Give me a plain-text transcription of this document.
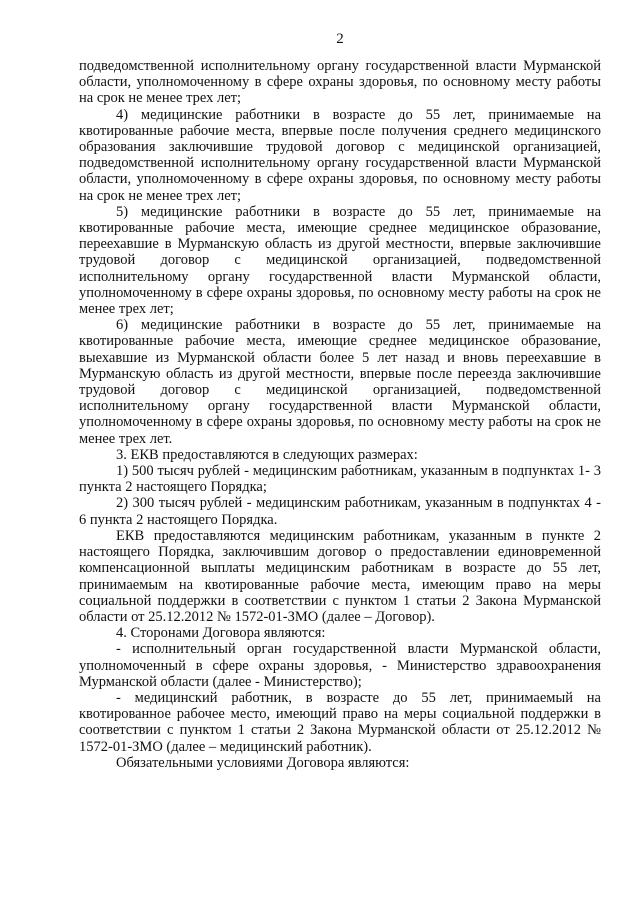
2

подведомственной исполнительному органу государственной власти Мурманской области, уполномоченному в сфере охраны здоровья, по основному месту работы на срок не менее трех лет;

4) медицинские работники в возрасте до 55 лет, принимаемые на квотированные рабочие места, впервые после получения среднего медицинского образования заключившие трудовой договор с медицинской организацией, подведомственной исполнительному органу государственной власти Мурманской области, уполномоченному в сфере охраны здоровья, по основному месту работы на срок не менее трех лет;

5) медицинские работники в возрасте до 55 лет, принимаемые на квотированные рабочие места, имеющие среднее медицинское образование, переехавшие в Мурманскую область из другой местности, впервые заключившие трудовой договор с медицинской организацией, подведомственной исполнительному органу государственной власти Мурманской области, уполномоченному в сфере охраны здоровья, по основному месту работы на срок не менее трех лет;

6) медицинские работники в возрасте до 55 лет, принимаемые на квотированные рабочие места, имеющие среднее медицинское образование, выехавшие из Мурманской области более 5 лет назад и вновь переехавшие в Мурманскую область из другой местности, впервые после переезда заключившие трудовой договор с медицинской организацией, подведомственной исполнительному органу государственной власти Мурманской области, уполномоченному в сфере охраны здоровья, по основному месту работы на срок не менее трех лет.

3. ЕКВ предоставляются в следующих размерах:

1) 500 тысяч рублей - медицинским работникам, указанным в подпунктах 1- 3 пункта 2 настоящего Порядка;

2) 300 тысяч рублей - медицинским работникам, указанным в подпунктах 4 - 6 пункта 2 настоящего Порядка.

ЕКВ предоставляются медицинским работникам, указанным в пункте 2 настоящего Порядка, заключившим договор о предоставлении единовременной компенсационной выплаты медицинским работникам в возрасте до 55 лет, принимаемым на квотированные рабочие места, имеющим право на меры социальной поддержки в соответствии с пунктом 1 статьи 2 Закона Мурманской области от 25.12.2012 № 1572-01-ЗМО (далее – Договор).

4. Сторонами Договора являются:

- исполнительный орган государственной власти Мурманской области, уполномоченный в сфере охраны здоровья, - Министерство здравоохранения Мурманской области (далее - Министерство);

- медицинский работник, в возрасте до 55 лет, принимаемый на квотированное рабочее место, имеющий право на меры социальной поддержки в соответствии с пунктом 1 статьи 2 Закона Мурманской области от 25.12.2012 № 1572-01-ЗМО (далее – медицинский работник).

Обязательными условиями Договора являются:
